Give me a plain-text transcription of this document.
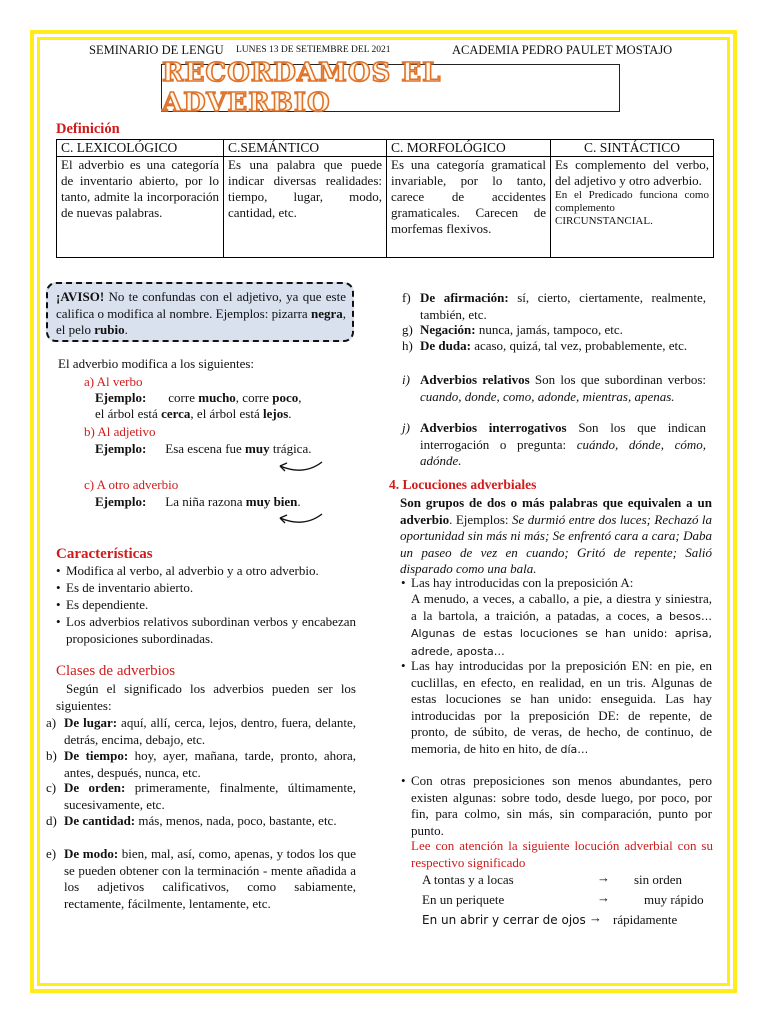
SEMINARIO DE LENGU LUNES 13 DE SETIEMBRE DEL 2021	ACADEMIA PEDRO PAULET MOSTAJO
RECORDAMOS EL ADVERBIO
Definición
C. LEXICOLÓGICO	C.SEMÁNTICO	C. MORFOLÓGICO	C. SINTÁCTICO
El adverbio es una categoría de inventario abierto, por lo tanto, admite la incorporación de nuevas palabras.	Es una palabra que puede indicar diversas realidades: tiempo, lugar, modo, cantidad, etc.	Es una categoría gramatical invariable, por lo tanto, carece de accidentes gramaticales. Carecen de morfemas flexivos.	Es complemento del verbo, del adjetivo y otro adverbio.
En el Predicado funciona como complemento CIRCUNSTANCIAL.
¡AVISO! No te confundas con el adjetivo, ya que este califica o modifica al nombre. Ejemplos: pizarra negra, el pelo rubio.
El adverbio modifica a los siguientes:
a) Al verbo
Ejemplo: corre mucho, corre poco,
el árbol está cerca, el árbol está lejos.
b) Al adjetivo
Ejemplo: Esa escena fue muy trágica.
c) A otro adverbio
Ejemplo: La niña razona muy bien.
Características
• Modifica al verbo, al adverbio y a otro adverbio.
• Es de inventario abierto.
• Es dependiente.
• Los adverbios relativos subordinan verbos y encabezan proposiciones subordinadas.
Clases de adverbios
Según el significado los adverbios pueden ser los siguientes:
a) De lugar: aquí, allí, cerca, lejos, dentro, fuera, delante, detrás, encima, debajo, etc.
b) De tiempo: hoy, ayer, mañana, tarde, pronto, ahora, antes, después, nunca, etc.
c) De orden: primeramente, finalmente, últimamente, sucesivamente, etc.
d) De cantidad: más, menos, nada, poco, bastante, etc.
e) De modo: bien, mal, así, como, apenas, y todos los que se pueden obtener con la terminación - mente añadida a los adjetivos calificativos, como sabiamente, rectamente, fácilmente, lentamente, etc.
f) De afirmación: sí, cierto, ciertamente, realmente, también, etc.
g) Negación: nunca, jamás, tampoco, etc.
h) De duda: acaso, quizá, tal vez, probablemente, etc.
i) Adverbios relativos Son los que subordinan verbos: cuando, donde, como, adonde, mientras, apenas.
j) Adverbios interrogativos Son los que indican interrogación o pregunta: cuándo, dónde, cómo, adónde.
4. Locuciones adverbiales
Son grupos de dos o más palabras que equivalen a un adverbio. Ejemplos: Se durmió entre dos luces; Rechazó la oportunidad sin más ni más; Se enfrentó cara a cara; Daba un paseo de vez en cuando; Gritó de repente; Salió disparado como una bala.
• Las hay introducidas con la preposición A:
A menudo, a veces, a caballo, a pie, a diestra y siniestra, a la bartola, a traición, a patadas, a coces, a besos…Algunas de estas locuciones se han unido: aprisa, adrede, aposta…
• Las hay introducidas por la preposición EN: en pie, en cuclillas, en efecto, en realidad, en un tris. Algunas de estas locuciones se han unido: enseguida. Las hay introducidas por la preposición DE: de repente, de pronto, de súbito, de veras, de hecho, de continuo, de memoria, de hito en hito, de día…
• Con otras preposiciones son menos abundantes, pero existen algunas: sobre todo, desde luego, por poco, por fin, para colmo, sin más, sin comparación, punto por punto.
Lee con atención la siguiente locución adverbial con su respectivo significado
A tontas y a locas	→ sin orden
En un periquete	→	muy rápido
En un abrir y cerrar de ojos → rápidamente
